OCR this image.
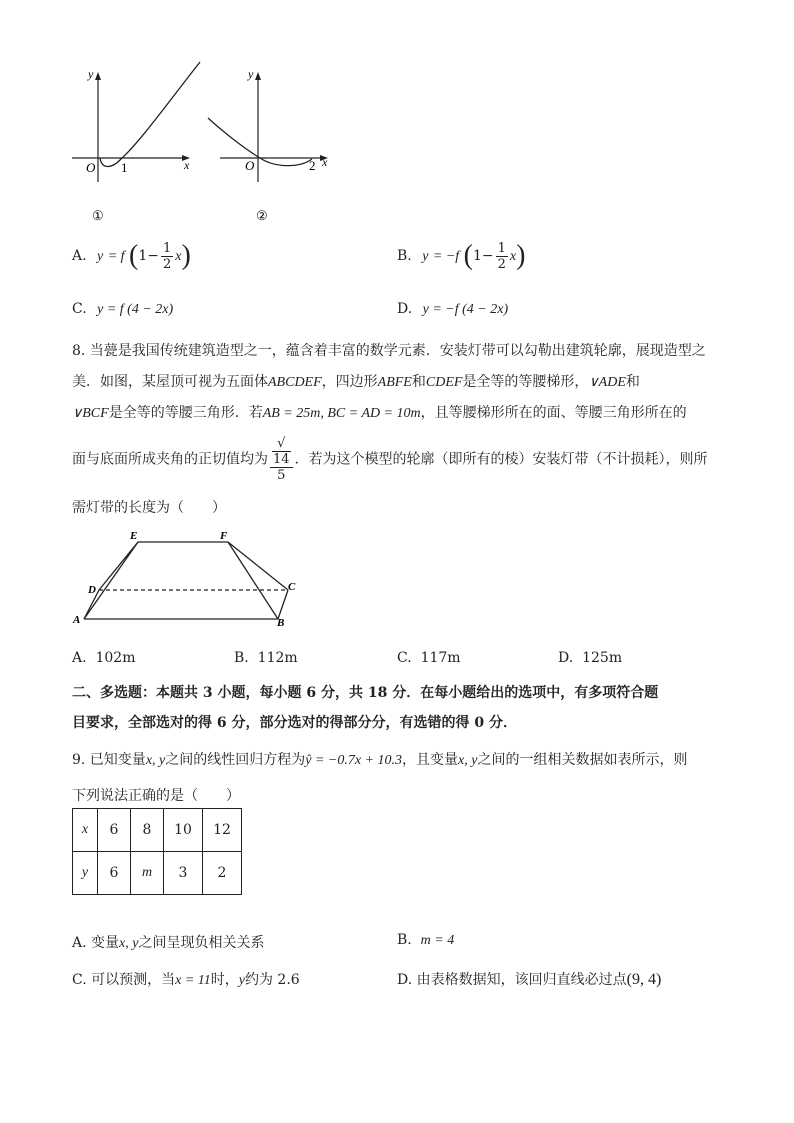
y
x
O 1
y
x
O	2
①	②
A. y = f $(1- \frac{1}{2} x)$	B. y = −f $(1- \frac{1}{2} x)$
C. y = f (4 − 2x)	D. y = −f (4 − 2x)
8. 当甍是我国传统建筑造型之一，蕴含着丰富的数学元素．安装灯带可以勾勒出建筑轮廓，展现造型之
美．如图，某屋顶可视为五面体ABCDEF，四边形ABFE和CDEF是全等的等腰梯形，∨ADE和
∨BCF是全等的等腰三角形．若AB = 25m, BC = AD = 10m，且等腰梯形所在的面、等腰三角形所在的
面与底面所成夹角的正切值均为 √
14
5 ．若为这个模型的轮廓（即所有的棱）安装灯带（不计损耗），则所
需灯带的长度为（　　）
A	B
C
D
E	F
A. 102m	B. 112m	C. 117m	D. 125m
二、多选题：本题共 3 小题，每小题 6 分，共 18 分．在每小题给出的选项中，有多项符合题
目要求，全部选对的得 6 分，部分选对的得部分分，有选错的得 0 分．
9. 已知变量x, y之间的线性回归方程为ŷ = −0.7x + 10.3，且变量x, y之间的一组相关数据如表所示，则
下列说法正确的是（　　）
x	6	8	10	12
y	6	m	3	2
A. 变量x, y之间呈现负相关关系	B. m = 4
C. 可以预测，当x = 11时，y约为 2.6	D. 由表格数据知，该回归直线必过点(9, 4)
